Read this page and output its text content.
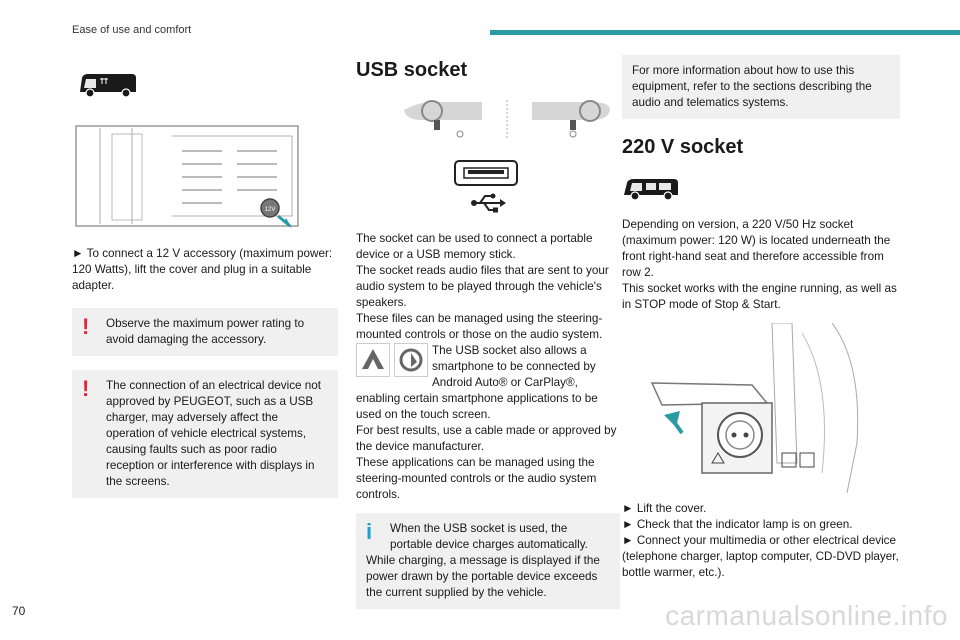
Ease of use and comfort
12V

► To connect a 12 V accessory (maximum power: 120 Watts), lift the cover and plug in a suitable adapter.

! Observe the maximum power rating to avoid damaging the accessory.

! The connection of an electrical device not approved by PEUGEOT, such as a USB charger, may adversely affect the operation of vehicle electrical systems, causing faults such as poor radio reception or interference with displays in the screens.

USB socket

The socket can be used to connect a portable device or a USB memory stick.

The socket reads audio files that are sent to your audio system to be played through the vehicle's speakers.

These files can be managed using the steering-mounted controls or those on the audio system.

The USB socket also allows a smartphone to be connected by Android Auto® or CarPlay®, enabling certain smartphone applications to be used on the touch screen.

For best results, use a cable made or approved by the device manufacturer.

These applications can be managed using the steering-mounted controls or the audio system controls.

i When the USB socket is used, the portable device charges automatically.

While charging, a message is displayed if the power drawn by the portable device exceeds the current supplied by the vehicle.

For more information about how to use this equipment, refer to the sections describing the audio and telematics systems.

220 V socket

Depending on version, a 220 V/50 Hz socket (maximum power: 120 W) is located underneath the front right-hand seat and therefore accessible from row 2.

This socket works with the engine running, as well as in STOP mode of Stop & Start.

► Lift the cover.

► Check that the indicator lamp is on green.

► Connect your multimedia or other electrical device (telephone charger, laptop computer, CD-DVD player, bottle warmer, etc.).

70	carmanualsonline.info
